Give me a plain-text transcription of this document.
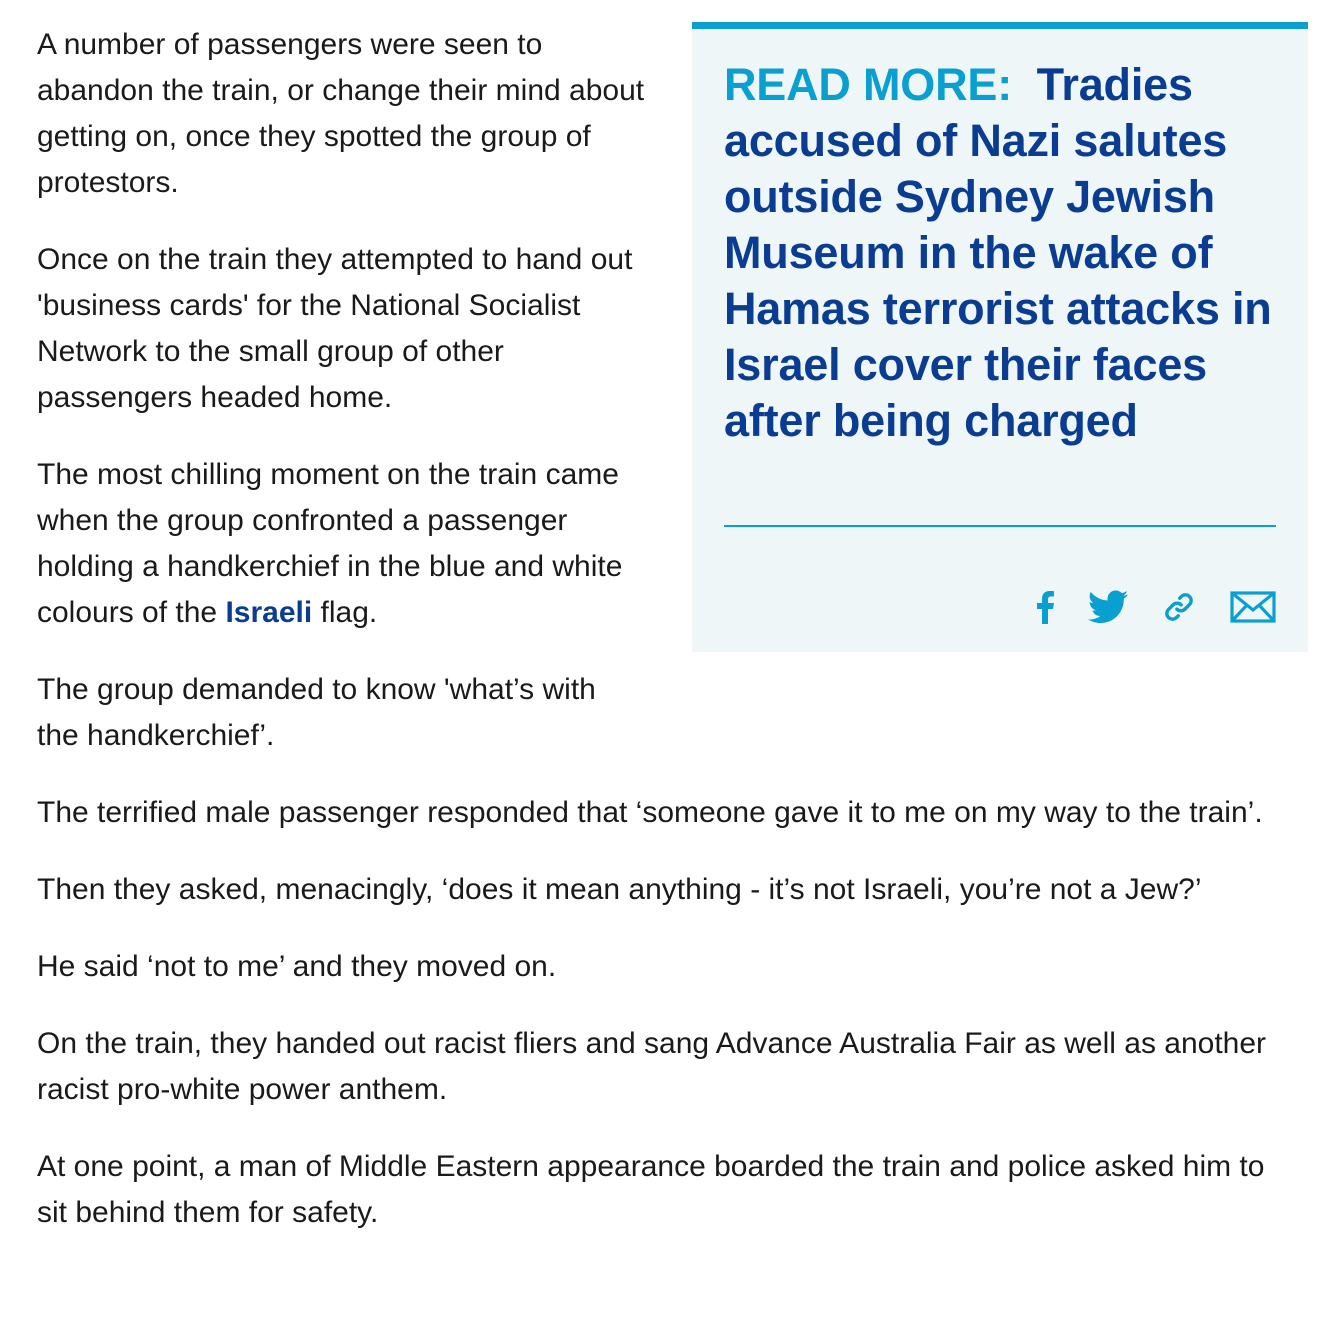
READ MORE: Tradies accused of Nazi salutes outside Sydney Jewish Museum in the wake of Hamas terrorist attacks in Israel cover their faces after being charged

A number of passengers were seen to abandon the train, or change their mind about getting on, once they spotted the group of protestors.

Once on the train they attempted to hand out 'business cards' for the National Socialist Network to the small group of other passengers headed home.

The most chilling moment on the train came when the group confronted a passenger holding a handkerchief in the blue and white colours of the Israeli flag.

The group demanded to know 'what’s with the handkerchief’.

The terrified male passenger responded that ‘someone gave it to me on my way to the train’.

Then they asked, menacingly, ‘does it mean anything - it’s not Israeli, you’re not a Jew?’

He said ‘not to me’ and they moved on.

On the train, they handed out racist fliers and sang Advance Australia Fair as well as another racist pro-white power anthem.

At one point, a man of Middle Eastern appearance boarded the train and police asked him to sit behind them for safety.
